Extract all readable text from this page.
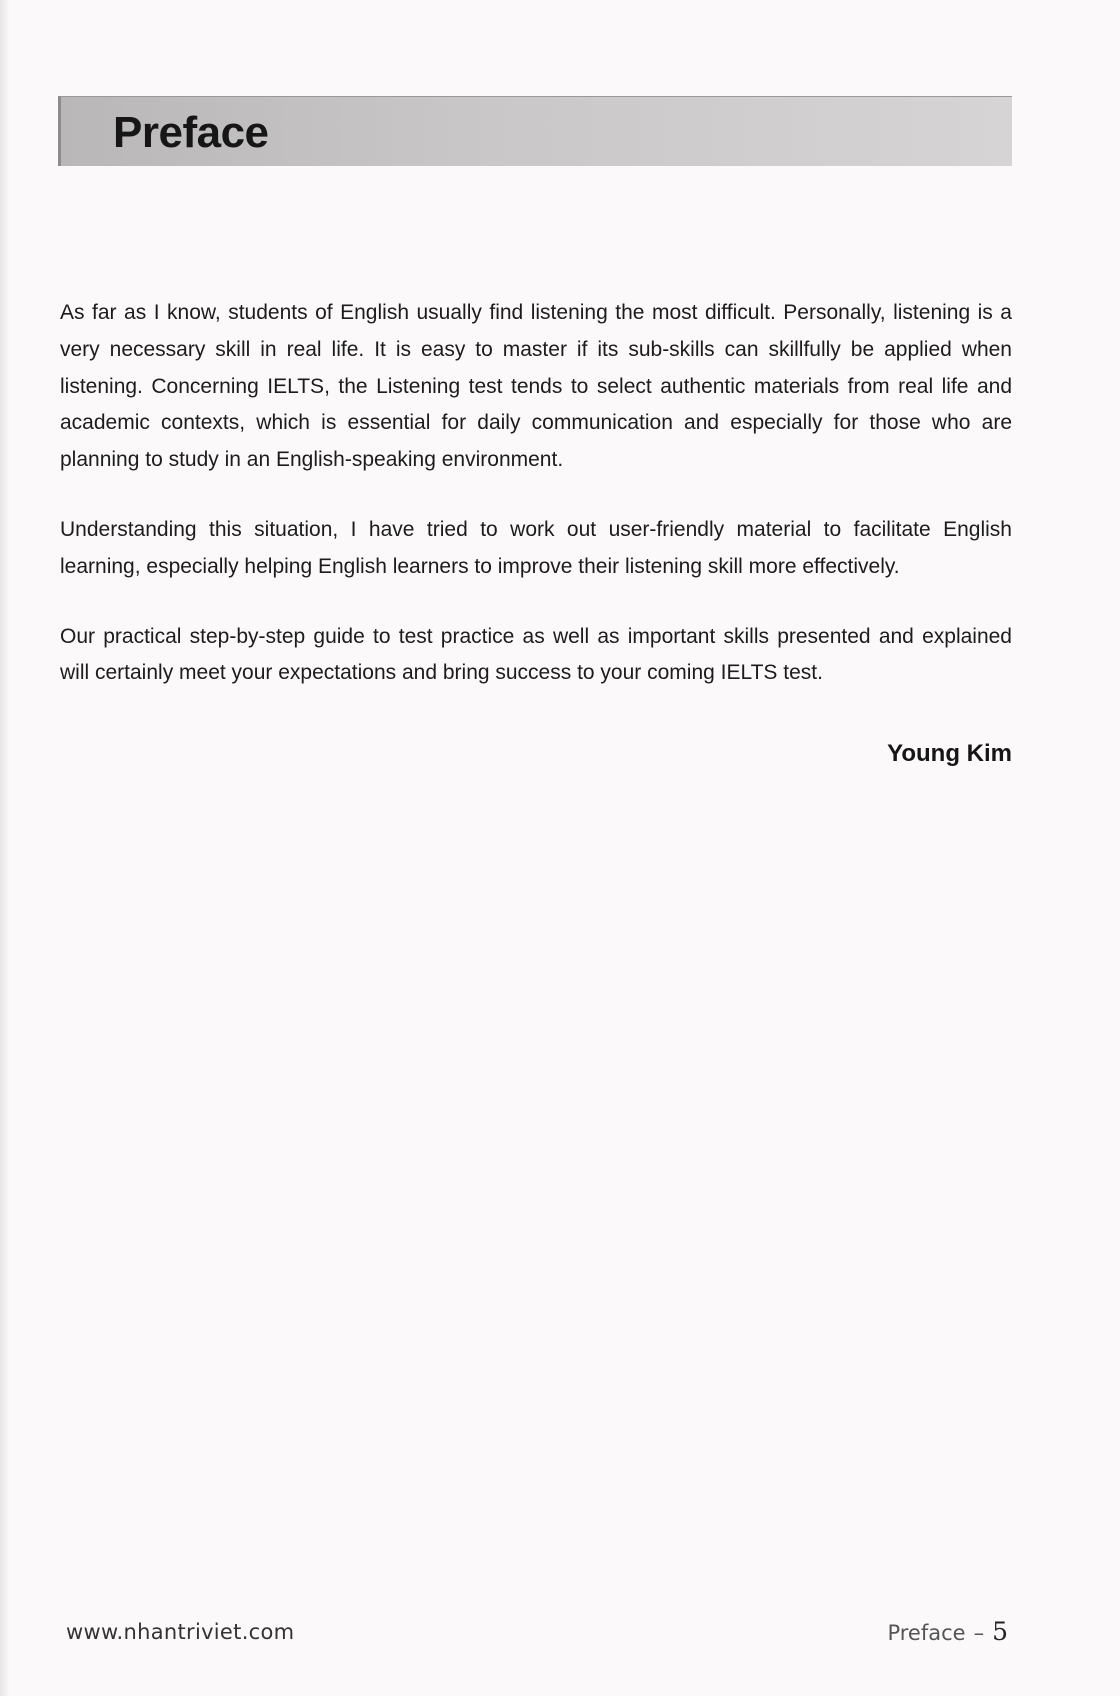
Preface

As far as I know, students of English usually find listening the most difficult. Personally, listening is a very necessary skill in real life. It is easy to master if its sub-skills can skillfully be applied when listening. Concerning IELTS, the Listening test tends to select authentic materials from real life and academic contexts, which is essential for daily communication and especially for those who are planning to study in an English-speaking environment.

Understanding this situation, I have tried to work out user-friendly material to facilitate English learning, especially helping English learners to improve their listening skill more effectively.

Our practical step-by-step guide to test practice as well as important skills presented and explained will certainly meet your expectations and bring success to your coming IELTS test.

Young Kim
www.nhantriviet.com	Preface – 5
